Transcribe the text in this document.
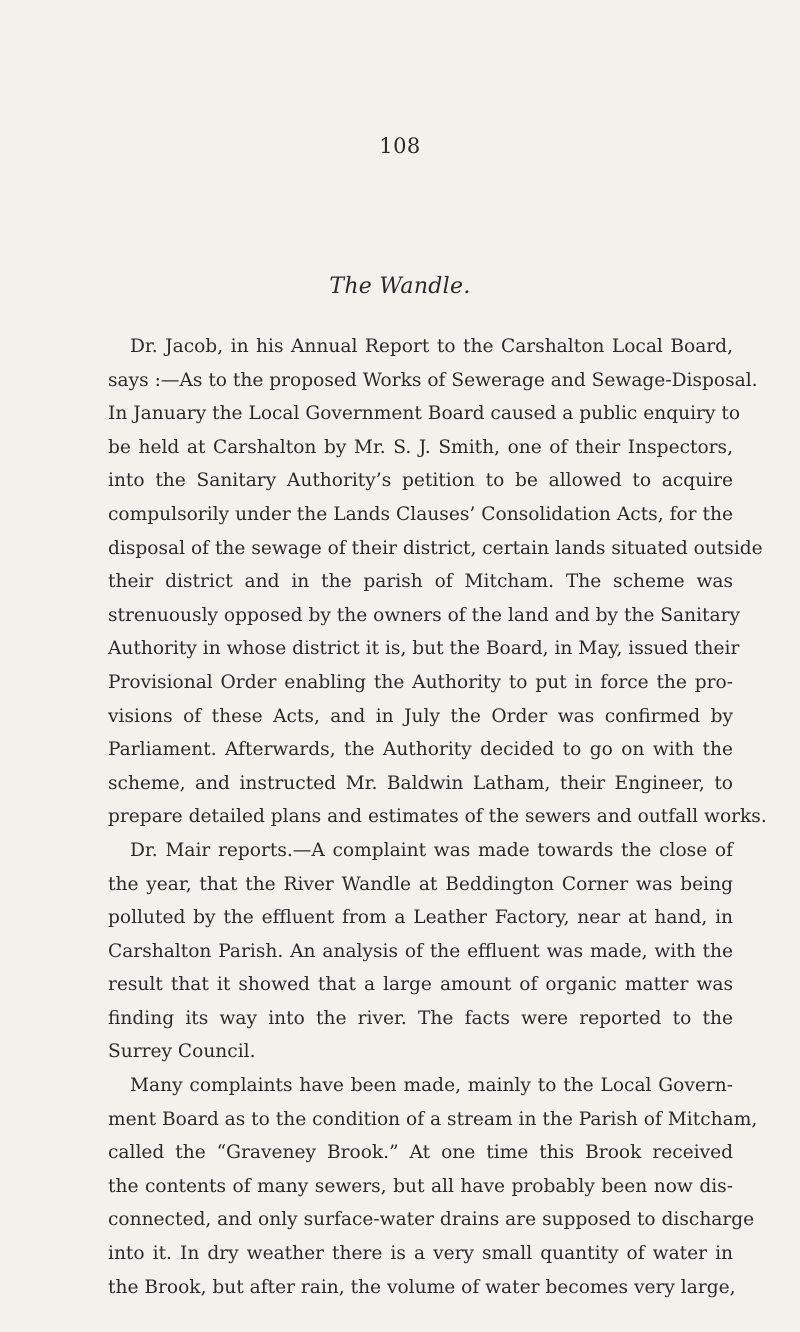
108
The Wandle.
Dr. Jacob, in his Annual Report to the Carshalton Local Board,
says :—As to the proposed Works of Sewerage and Sewage-Disposal.
In January the Local Government Board caused a public enquiry to
be held at Carshalton by Mr. S. J. Smith, one of their Inspectors,
into the Sanitary Authority’s petition to be allowed to acquire
compulsorily under the Lands Clauses’ Consolidation Acts, for the
disposal of the sewage of their district, certain lands situated outside
their district and in the parish of Mitcham. The scheme was
strenuously opposed by the owners of the land and by the Sanitary
Authority in whose district it is, but the Board, in May, issued their
Provisional Order enabling the Authority to put in force the pro-
visions of these Acts, and in July the Order was confirmed by
Parliament. Afterwards, the Authority decided to go on with the
scheme, and instructed Mr. Baldwin Latham, their Engineer, to
prepare detailed plans and estimates of the sewers and outfall works.
Dr. Mair reports.—A complaint was made towards the close of
the year, that the River Wandle at Beddington Corner was being
polluted by the effluent from a Leather Factory, near at hand, in
Carshalton Parish. An analysis of the effluent was made, with the
result that it showed that a large amount of organic matter was
finding its way into the river. The facts were reported to the
Surrey Council.
Many complaints have been made, mainly to the Local Govern-
ment Board as to the condition of a stream in the Parish of Mitcham,
called the “Graveney Brook.” At one time this Brook received
the contents of many sewers, but all have probably been now dis-
connected, and only surface-water drains are supposed to discharge
into it. In dry weather there is a very small quantity of water in
the Brook, but after rain, the volume of water becomes very large,
